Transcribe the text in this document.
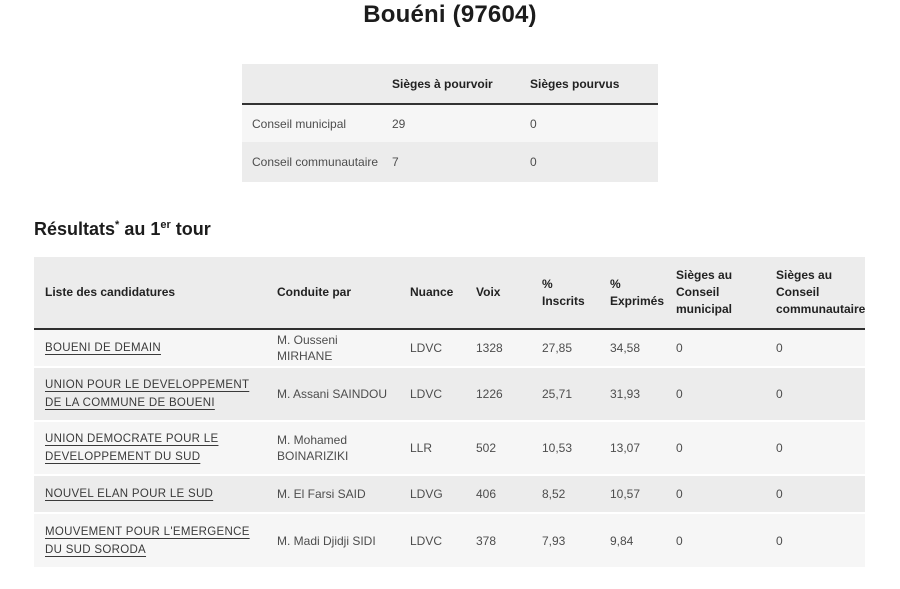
Bouéni (97604)
	Sièges à pourvoir	Sièges pourvus
Conseil municipal	29	0
Conseil communautaire	7	0
Résultats* au 1er tour
Liste des candidatures	Conduite par	Nuance	Voix	% Inscrits	% Exprimés	Sièges au Conseil municipal	Sièges au Conseil communautaire
BOUENI DE DEMAIN	M. Ousseni MIRHANE	LDVC	1328	27,85	34,58	0	0
UNION POUR LE DEVELOPPEMENT DE LA COMMUNE DE BOUENI	M. Assani SAINDOU	LDVC	1226	25,71	31,93	0	0
UNION DEMOCRATE POUR LE DEVELOPPEMENT DU SUD	M. Mohamed BOINARIZIKI	LLR	502	10,53	13,07	0	0
NOUVEL ELAN POUR LE SUD	M. El Farsi SAID	LDVG	406	8,52	10,57	0	0
MOUVEMENT POUR L'EMERGENCE DU SUD SORODA	M. Madi Djidji SIDI	LDVC	378	7,93	9,84	0	0
